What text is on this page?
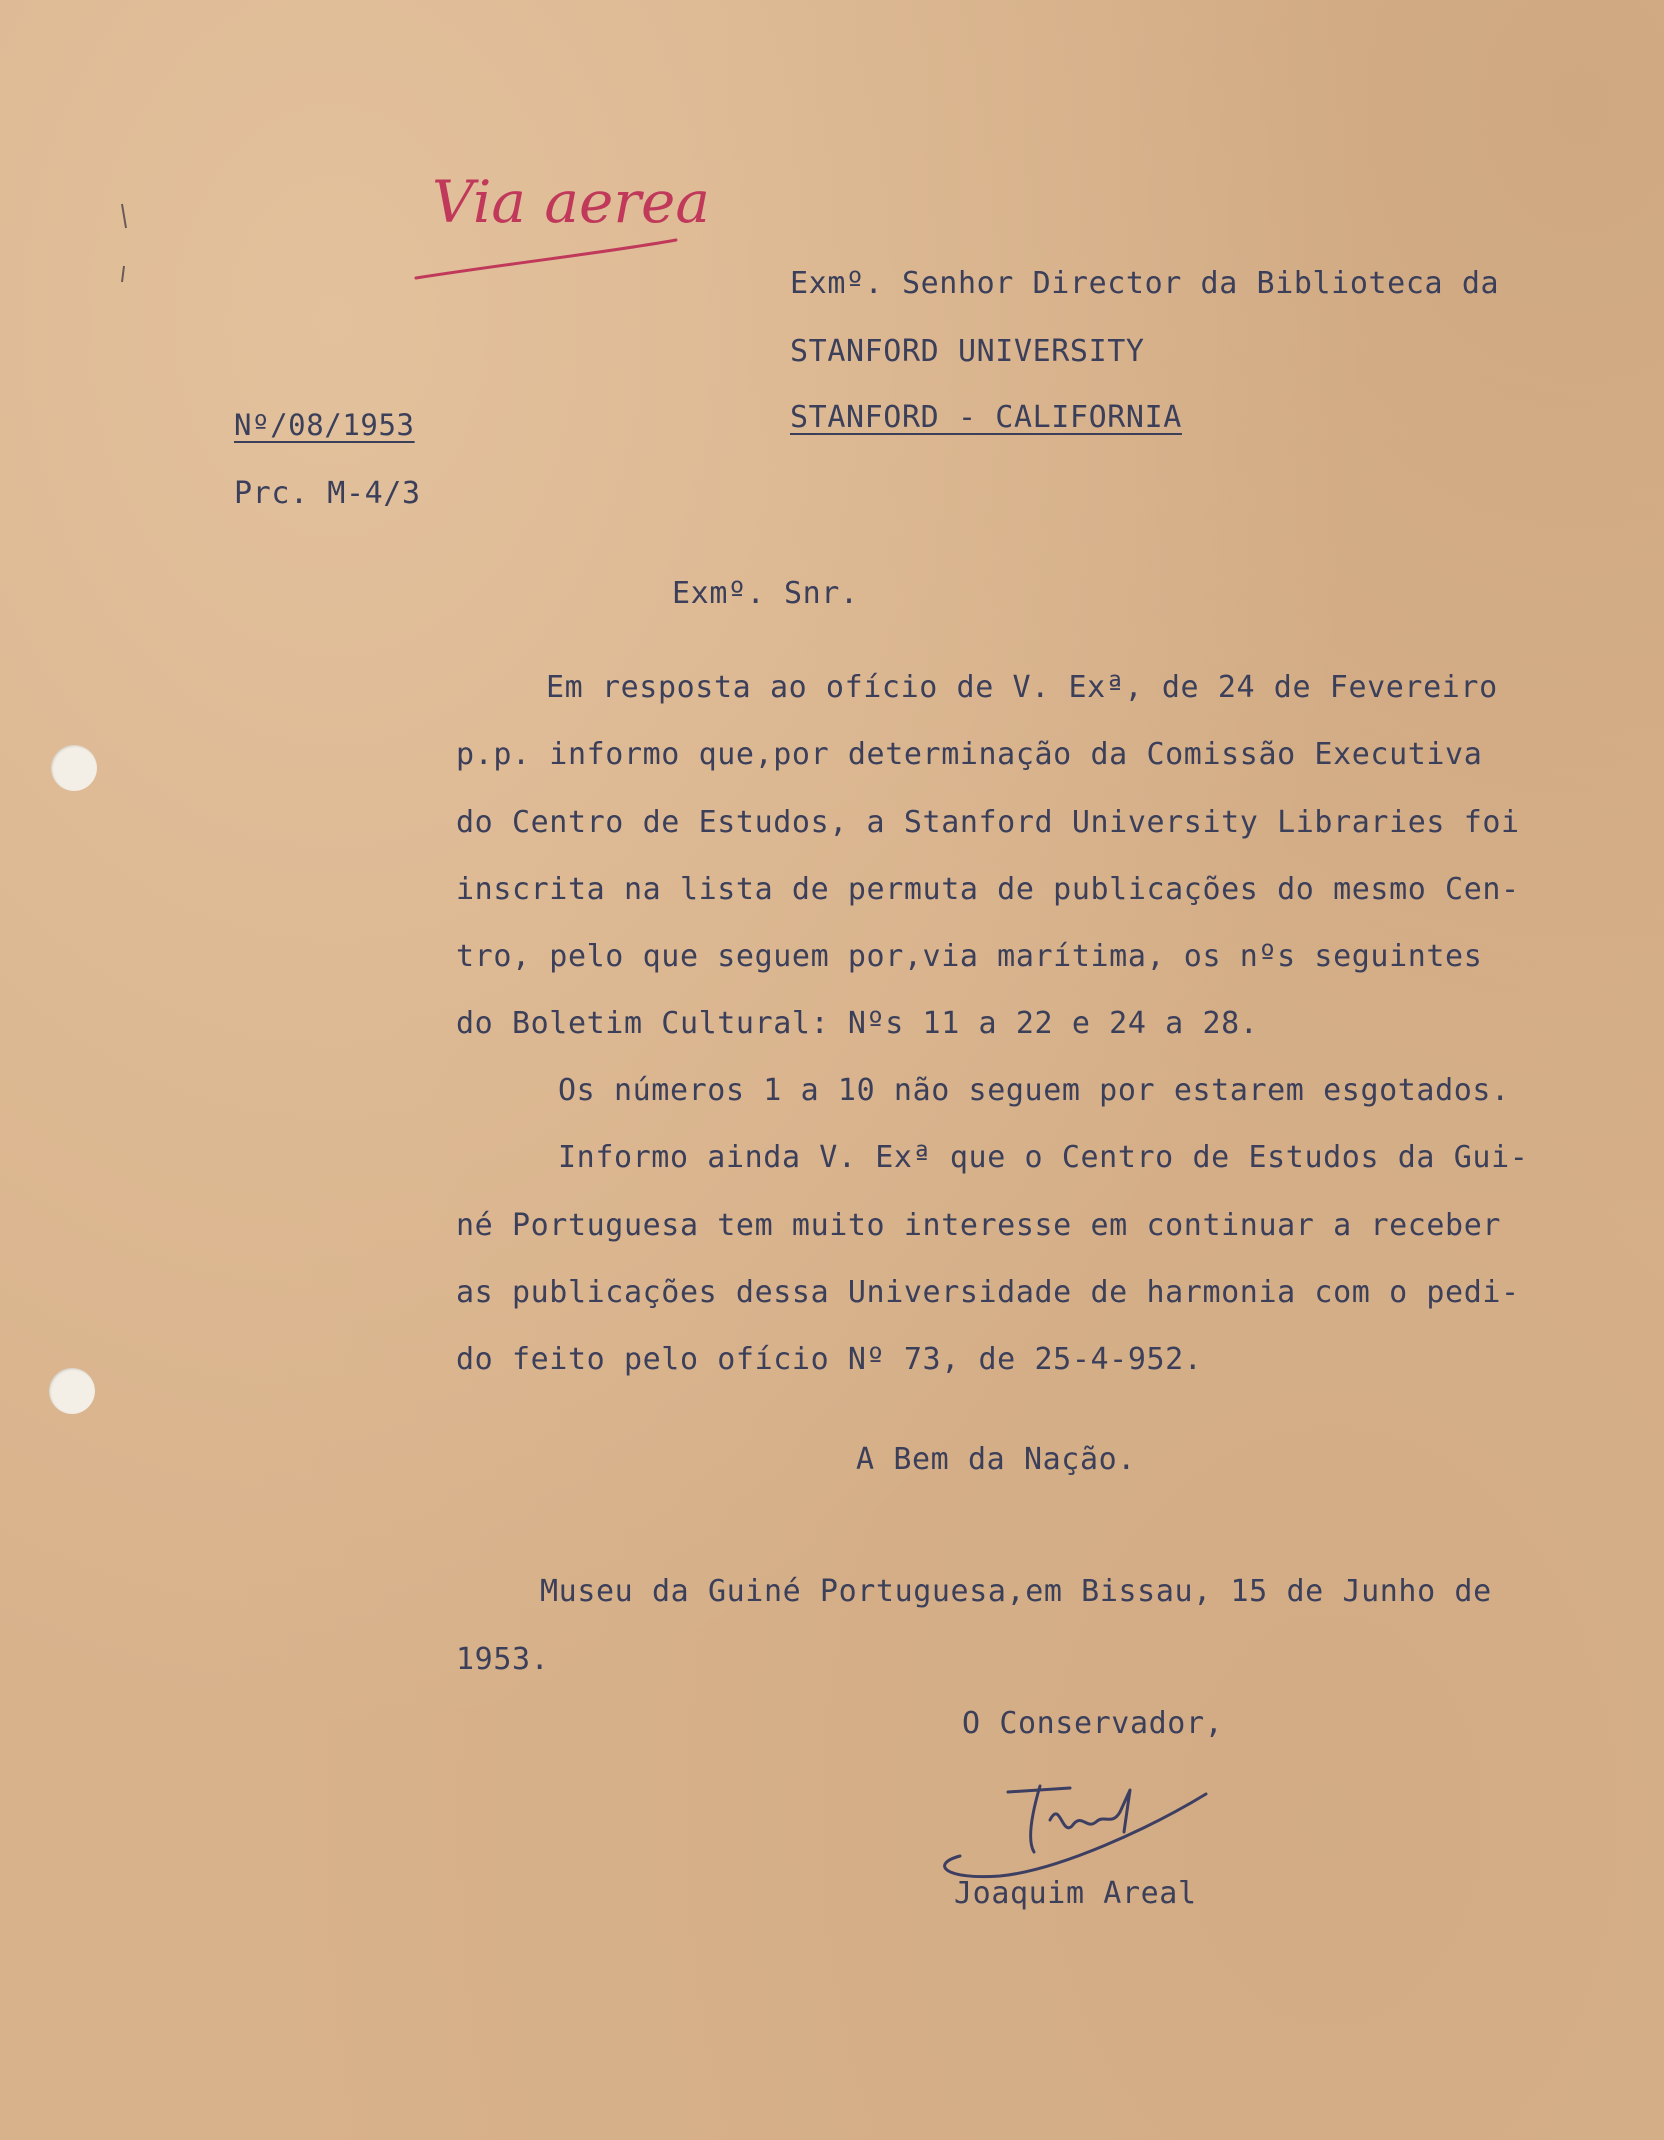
Via aerea

Exmº. Senhor Director da Biblioteca da

STANFORD UNIVERSITY

STANFORD - CALIFORNIA

Nº/08/1953

Prc. M-4/3

Exmº. Snr.

Em resposta ao ofício de V. Exª, de 24 de Fevereiro

p.p. informo que,por determinação da Comissão Executiva

do Centro de Estudos, a Stanford University Libraries foi

inscrita na lista de permuta de publicações do mesmo Cen-

tro, pelo que seguem por,via marítima, os nºs seguintes

do Boletim Cultural: Nºs 11 a 22 e 24 a 28.

Os números 1 a 10 não seguem por estarem esgotados.

Informo ainda V. Exª que o Centro de Estudos da Gui-

né Portuguesa tem muito interesse em continuar a receber

as publicações dessa Universidade de harmonia com o pedi-

do feito pelo ofício Nº 73, de 25-4-952.

A Bem da Nação.

Museu da Guiné Portuguesa,em Bissau, 15 de Junho de

1953.

O Conservador,

Joaquim Areal
